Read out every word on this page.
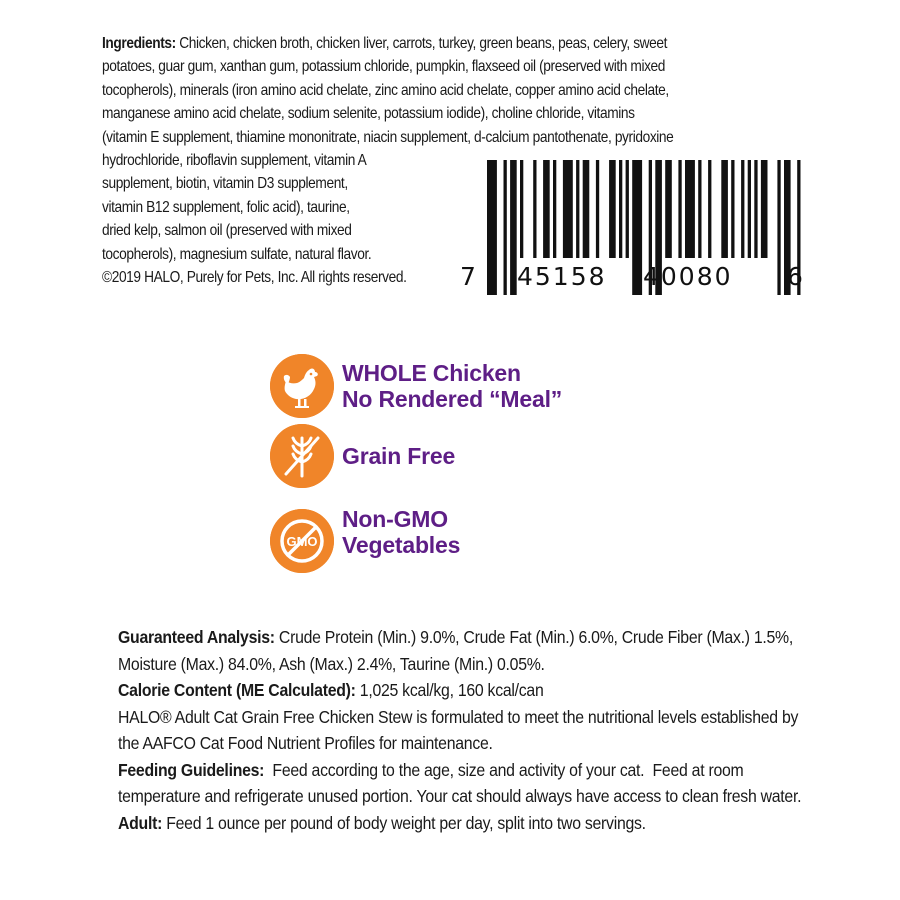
Ingredients: Chicken, chicken broth, chicken liver, carrots, turkey, green beans, peas, celery, sweet
potatoes, guar gum, xanthan gum, potassium chloride, pumpkin, flaxseed oil (preserved with mixed
tocopherols), minerals (iron amino acid chelate, zinc amino acid chelate, copper amino acid chelate,
manganese amino acid chelate, sodium selenite, potassium iodide), choline chloride, vitamins
(vitamin E supplement, thiamine mononitrate, niacin supplement, d-calcium pantothenate, pyridoxine
hydrochloride, riboflavin supplement, vitamin A
supplement, biotin, vitamin D3 supplement,
vitamin B12 supplement, folic acid), taurine,
dried kelp, salmon oil (preserved with mixed
tocopherols), magnesium sulfate, natural flavor.
©2019 HALO, Purely for Pets, Inc. All rights reserved.	7 45158 40080 6
WHOLE Chicken
No Rendered “Meal”
Grain Free
GMO
Non-GMO
Vegetables

Guaranteed Analysis: Crude Protein (Min.) 9.0%, Crude Fat (Min.) 6.0%, Crude Fiber (Max.) 1.5%, Moisture (Max.) 84.0%, Ash (Max.) 2.4%, Taurine (Min.) 0.05%.

Calorie Content (ME Calculated): 1,025 kcal/kg, 160 kcal/can

HALO® Adult Cat Grain Free Chicken Stew is formulated to meet the nutritional levels established by the AAFCO Cat Food Nutrient Profiles for maintenance.

Feeding Guidelines:  Feed according to the age, size and activity of your cat.  Feed at room temperature and refrigerate unused portion. Your cat should always have access to clean fresh water.

Adult: Feed 1 ounce per pound of body weight per day, split into two servings.
